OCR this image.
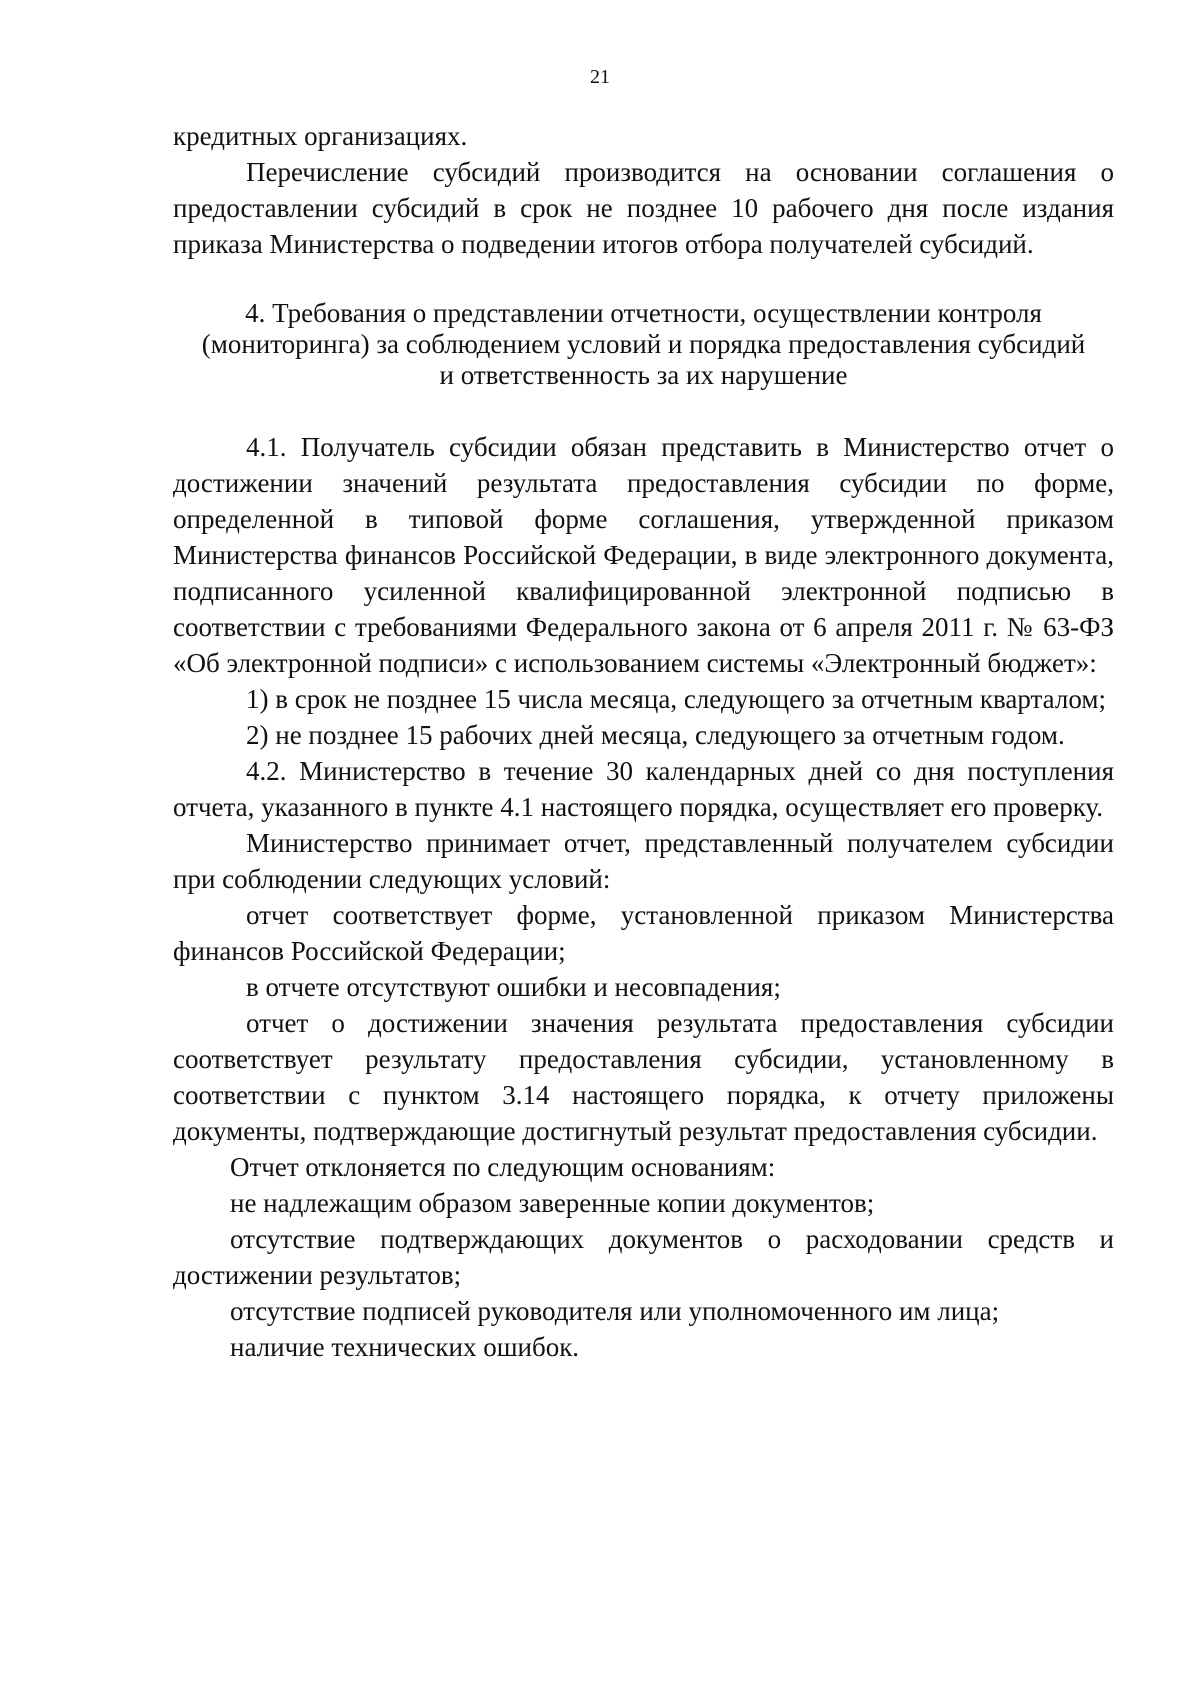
21

кредитных организациях.

Перечисление субсидий производится на основании соглашения о предоставлении субсидий в срок не позднее 10 рабочего дня после издания приказа Министерства о подведении итогов отбора получателей субсидий.

4. Требования о представлении отчетности, осуществлении контроля
(мониторинга) за соблюдением условий и порядка предоставления субсидий
и ответственность за их нарушение

4.1. Получатель субсидии обязан представить в Министерство отчет о достижении значений результата предоставления субсидии по форме, определенной в типовой форме соглашения, утвержденной приказом Министерства финансов Российской Федерации, в виде электронного документа, подписанного усиленной квалифицированной электронной подписью в соответствии с требованиями Федерального закона от 6 апреля 2011 г. № 63-ФЗ «Об электронной подписи» с использованием системы «Электронный бюджет»:

1) в срок не позднее 15 числа месяца, следующего за отчетным кварталом;

2) не позднее 15 рабочих дней месяца, следующего за отчетным годом.

4.2. Министерство в течение 30 календарных дней со дня поступления отчета, указанного в пункте 4.1 настоящего порядка, осуществляет его проверку.

Министерство принимает отчет, представленный получателем субсидии при соблюдении следующих условий:

отчет соответствует форме, установленной приказом Министерства финансов Российской Федерации;

в отчете отсутствуют ошибки и несовпадения;

отчет о достижении значения результата предоставления субсидии соответствует результату предоставления субсидии, установленному в соответствии с пунктом 3.14 настоящего порядка, к отчету приложены документы, подтверждающие достигнутый результат предоставления субсидии.

Отчет отклоняется по следующим основаниям:

не надлежащим образом заверенные копии документов;

отсутствие подтверждающих документов о расходовании средств и достижении результатов;

отсутствие подписей руководителя или уполномоченного им лица;

наличие технических ошибок.
